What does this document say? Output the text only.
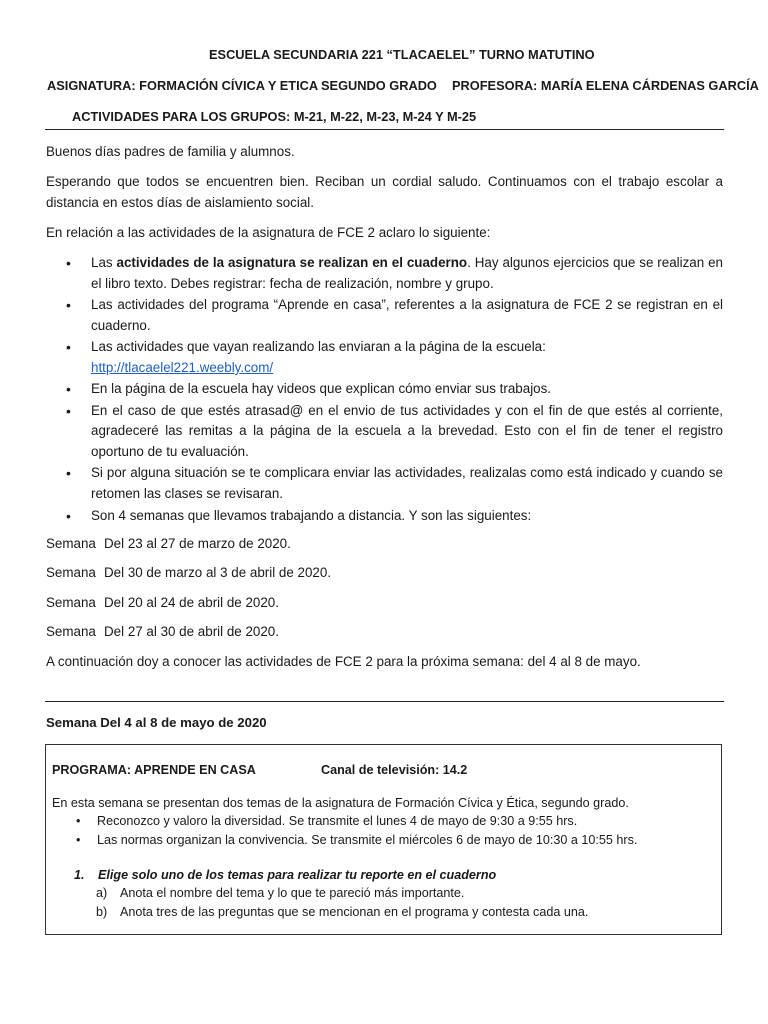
ESCUELA SECUNDARIA 221 “TLACAELEL” TURNO MATUTINO
ASIGNATURA: FORMACIÓN CÍVICA Y ETICA SEGUNDO GRADO PROFESORA: MARÍA ELENA CÁRDENAS GARCÍA
ACTIVIDADES PARA LOS GRUPOS: M-21, M-22, M-23, M-24 Y M-25
Buenos días padres de familia y alumnos.
Esperando que todos se encuentren bien. Reciban un cordial saludo. Continuamos con el trabajo escolar a distancia en estos días de aislamiento social.
En relación a las actividades de la asignatura de FCE 2 aclaro lo siguiente:
• Las actividades de la asignatura se realizan en el cuaderno. Hay algunos ejercicios que se realizan en el libro texto. Debes registrar: fecha de realización, nombre y grupo.
• Las actividades del programa “Aprende en casa”, referentes a la asignatura de FCE 2 se registran en el cuaderno.
• Las actividades que vayan realizando las enviaran a la página de la escuela:
http://tlacaelel221.weebly.com/
• En la página de la escuela hay videos que explican cómo enviar sus trabajos.
• En el caso de que estés atrasad@ en el envio de tus actividades y con el fin de que estés al corriente, agradeceré las remitas a la página de la escuela a la brevedad. Esto con el fin de tener el registro oportuno de tu evaluación.
• Si por alguna situación se te complicara enviar las actividades, realizalas como está indicado y cuando se retomen las clases se revisaran.
• Son 4 semanas que llevamos trabajando a distancia. Y son las siguientes:
Semana Del 23 al 27 de marzo de 2020.
Semana Del 30 de marzo al 3 de abril de 2020.
Semana Del 20 al 24 de abril de 2020.
Semana Del 27 al 30 de abril de 2020.
A continuación doy a conocer las actividades de FCE 2 para la próxima semana: del 4 al 8 de mayo.
Semana Del 4 al 8 de mayo de 2020
PROGRAMA: APRENDE EN CASA	Canal de televisión: 14.2
En esta semana se presentan dos temas de la asignatura de Formación Cívica y Ética, segundo grado.
• Reconozco y valoro la diversidad. Se transmite el lunes 4 de mayo de 9:30 a 9:55 hrs.
• Las normas organizan la convivencia. Se transmite el miércoles 6 de mayo de 10:30 a 10:55 hrs.
1. Elige solo uno de los temas para realizar tu reporte en el cuaderno
a) Anota el nombre del tema y lo que te pareció más importante.
b) Anota tres de las preguntas que se mencionan en el programa y contesta cada una.
